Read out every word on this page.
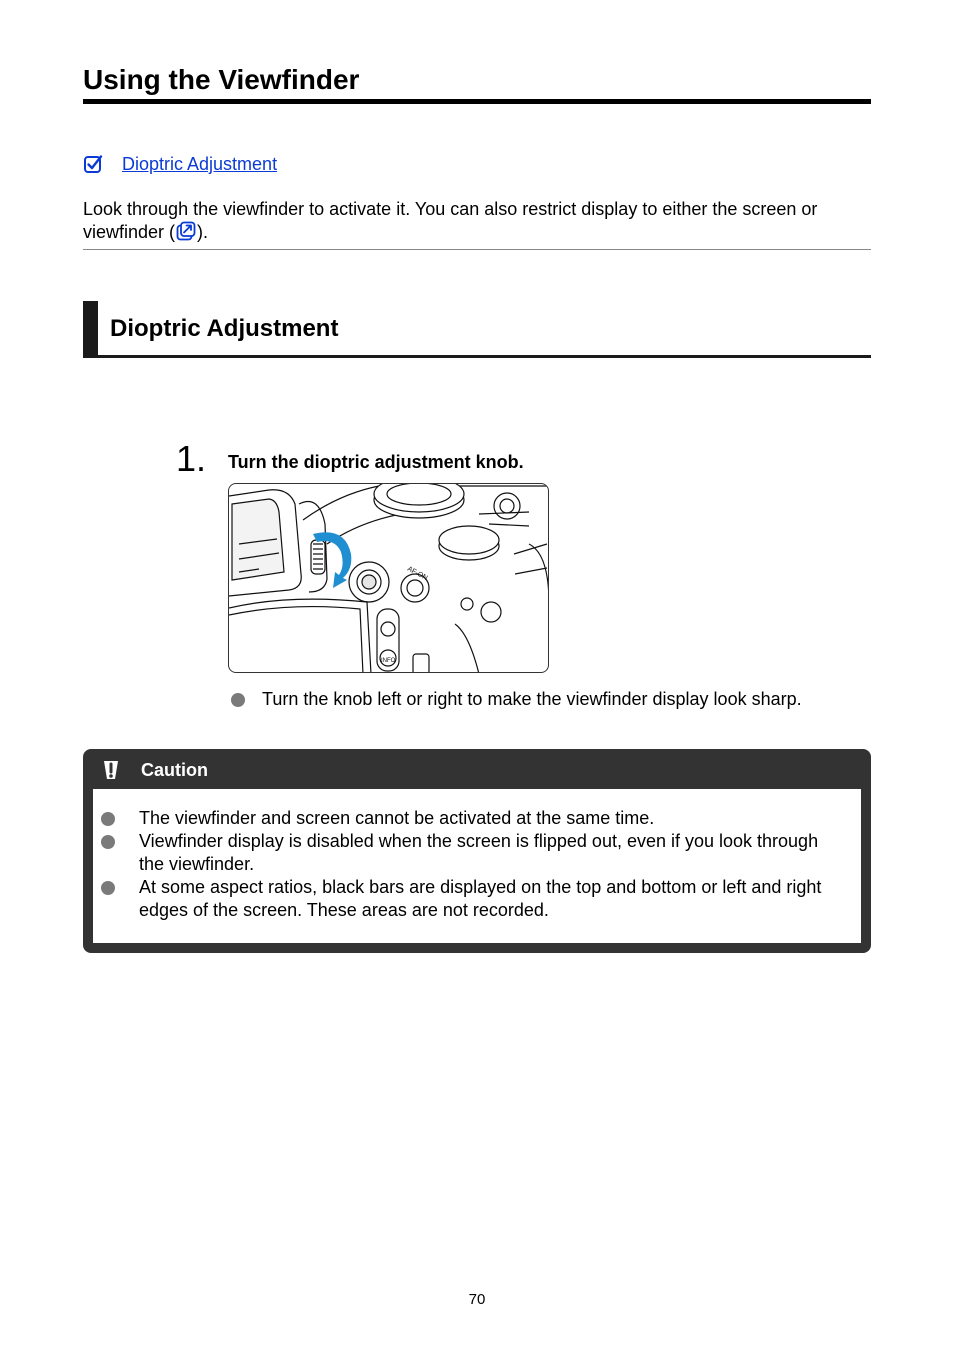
Using the Viewfinder
Dioptric Adjustment

Look through the viewfinder to activate it. You can also restrict display to either the screen or viewfinder ( ).

Dioptric Adjustment
1. Turn the dioptric adjustment knob.
AF-ON
INFO
Turn the knob left or right to make the viewfinder display look sharp.
Caution
The viewfinder and screen cannot be activated at the same time.
Viewfinder display is disabled when the screen is flipped out, even if you look through the viewfinder.
At some aspect ratios, black bars are displayed on the top and bottom or left and right edges of the screen. These areas are not recorded.
70
